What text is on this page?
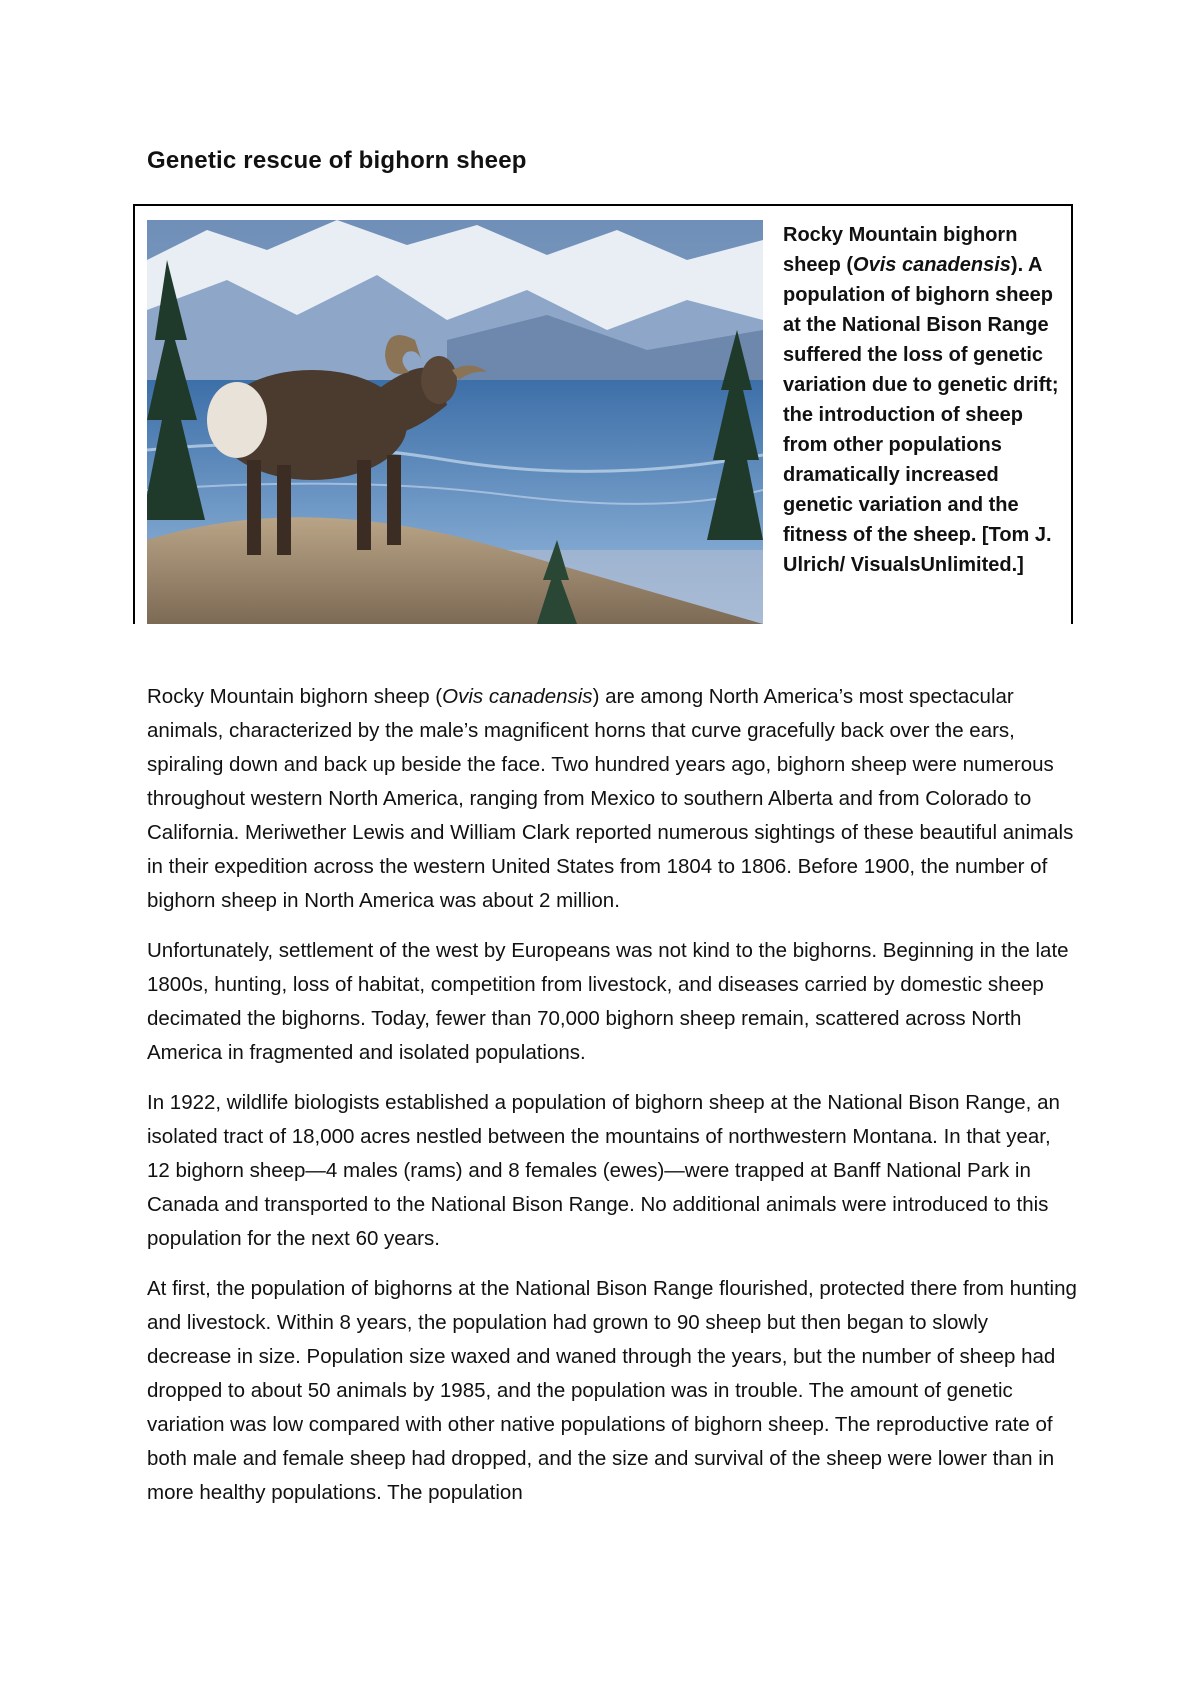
Genetic rescue of bighorn sheep

Rocky Mountain bighorn sheep (Ovis canadensis). A population of bighorn sheep at the National Bison Range suffered the loss of genetic variation due to genetic drift; the introduction of sheep from other populations dramatically increased genetic variation and the fitness of the sheep. [Tom J. Ulrich/ VisualsUnlimited.]

Rocky Mountain bighorn sheep (Ovis canadensis) are among North America’s most spectacular animals, characterized by the male’s magnificent horns that curve gracefully back over the ears, spiraling down and back up beside the face. Two hundred years ago, bighorn sheep were numerous throughout western North America, ranging from Mexico to southern Alberta and from Colorado to California. Meriwether Lewis and William Clark reported numerous sightings of these beautiful animals in their expedition across the western United States from 1804 to 1806. Before 1900, the number of bighorn sheep in North America was about 2 million.

Unfortunately, settlement of the west by Europeans was not kind to the bighorns. Beginning in the late 1800s, hunting, loss of habitat, competition from livestock, and diseases carried by domestic sheep decimated the bighorns. Today, fewer than 70,000 bighorn sheep remain, scattered across North America in fragmented and isolated populations.

In 1922, wildlife biologists established a population of bighorn sheep at the National Bison Range, an isolated tract of 18,000 acres nestled between the mountains of northwestern Montana. In that year, 12 bighorn sheep—4 males (rams) and 8 females (ewes)—were trapped at Banff National Park in Canada and transported to the National Bison Range. No additional animals were introduced to this population for the next 60 years.

At first, the population of bighorns at the National Bison Range flourished, protected there from hunting and livestock. Within 8 years, the population had grown to 90 sheep but then began to slowly decrease in size. Population size waxed and waned through the years, but the number of sheep had dropped to about 50 animals by 1985, and the population was in trouble. The amount of genetic variation was low compared with other native populations of bighorn sheep. The reproductive rate of both male and female sheep had dropped, and the size and survival of the sheep were lower than in more healthy populations. The population
